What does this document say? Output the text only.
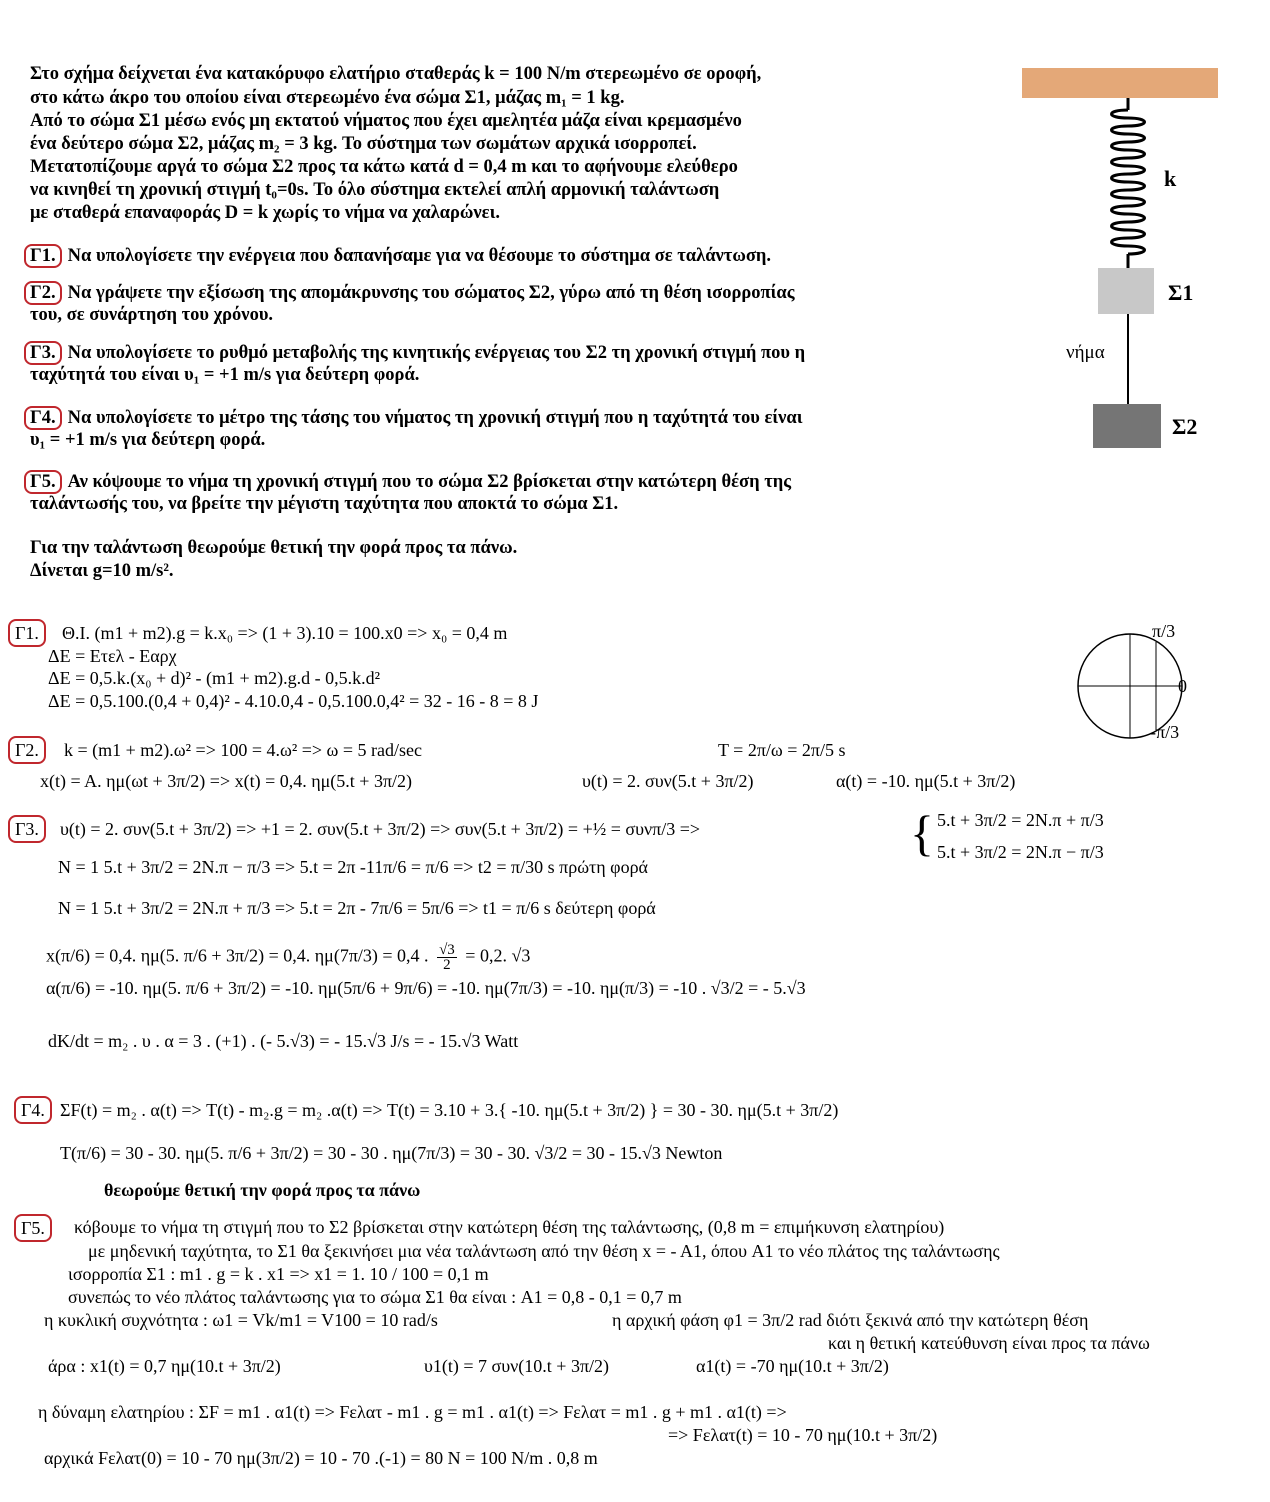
Στο σχήμα δείχνεται ένα κατακόρυφο ελατήριο σταθεράς k = 100 N/m στερεωμένο σε οροφή,
στο κάτω άκρο του οποίου είναι στερεωμένο ένα σώμα Σ1, μάζας m₁ = 1 kg.
Από το σώμα Σ1 μέσω ενός μη εκτατού νήματος που έχει αμελητέα μάζα είναι κρεμασμένο
ένα δεύτερο σώμα Σ2, μάζας m₂ = 3 kg. Το σύστημα των σωμάτων αρχικά ισορροπεί.
Μετατοπίζουμε αργά το σώμα Σ2 προς τα κάτω κατά d = 0,4 m και το αφήνουμε ελεύθερο
να κινηθεί τη χρονική στιγμή t₀=0s. Το όλο σύστημα εκτελεί απλή αρμονική ταλάντωση
με σταθερά επαναφοράς D = k χωρίς το νήμα να χαλαρώνει.
Γ1. Να υπολογίσετε την ενέργεια που δαπανήσαμε για να θέσουμε το σύστημα σε ταλάντωση.
Γ2. Να γράψετε την εξίσωση της απομάκρυνσης του σώματος Σ2, γύρω από τη θέση ισορροπίας
του, σε συνάρτηση του χρόνου.
Γ3. Να υπολογίσετε το ρυθμό μεταβολής της κινητικής ενέργειας του Σ2 τη χρονική στιγμή που η
ταχύτητά του είναι υ₁ = +1 m/s για δεύτερη φορά.
Γ4. Να υπολογίσετε το μέτρο της τάσης του νήματος τη χρονική στιγμή που η ταχύτητά του είναι
υ₁ = +1 m/s για δεύτερη φορά.
Γ5. Αν κόψουμε το νήμα τη χρονική στιγμή που το σώμα Σ2 βρίσκεται στην κατώτερη θέση της
ταλάντωσής του, να βρείτε την μέγιστη ταχύτητα που αποκτά το σώμα Σ1.
Για την ταλάντωση θεωρούμε θετική την φορά προς τα πάνω.
Δίνεται g=10 m/s².
k
Σ1
νήμα
Σ2
π/3
0
-π/3
Γ1.	Θ.Ι. (m1 + m2).g = k.x₀ => (1 + 3).10 = 100.x0 => x₀ = 0,4 m
ΔΕ = Ετελ - Εαρχ
ΔΕ = 0,5.k.(x₀ + d)² - (m1 + m2).g.d - 0,5.k.d²
ΔΕ = 0,5.100.(0,4 + 0,4)² - 4.10.0,4 - 0,5.100.0,4² = 32 - 16 - 8 = 8 J
Γ2.	k = (m1 + m2).ω² => 100 = 4.ω² => ω = 5 rad/sec	T = 2π/ω = 2π/5 s
x(t) = A. ημ(ωt + 3π/2) => x(t) = 0,4. ημ(5.t + 3π/2)	υ(t) = 2. συν(5.t + 3π/2)	α(t) = -10. ημ(5.t + 3π/2)
Γ3.	υ(t) = 2. συν(5.t + 3π/2) => +1 = 2. συν(5.t + 3π/2) => συν(5.t + 3π/2) = +½ = συνπ/3 =>	{ 5.t + 3π/2 = 2N.π + π/3
5.t + 3π/2 = 2N.π − π/3
N = 1 5.t + 3π/2 = 2N.π − π/3 => 5.t = 2π -11π/6 = π/6 => t2 = π/30 s πρώτη φορά
N = 1 5.t + 3π/2 = 2N.π + π/3 => 5.t = 2π - 7π/6 = 5π/6 => t1 = π/6 s δεύτερη φορά
x(π/6) = 0,4. ημ(5. π/6 + 3π/2) = 0,4. ημ(7π/3) = 0,4 . $\frac{√3}{2} = 0,2$. √3
α(π/6) = -10. ημ(5. π/6 + 3π/2) = -10. ημ(5π/6 + 9π/6) = -10. ημ(7π/3) = -10. ημ(π/3) = -10 . √3/2 = - 5.√3
dK/dt = m₂ . υ . α = 3 . (+1) . (- 5.√3) = - 15.√3 J/s = - 15.√3 Watt
Γ4. ΣF(t) = m₂ . α(t) => T(t) - m₂.g = m₂ .α(t) => T(t) = 3.10 + 3.{ -10. ημ(5.t + 3π/2) } = 30 - 30. ημ(5.t + 3π/2)
T(π/6) = 30 - 30. ημ(5. π/6 + 3π/2) = 30 - 30 . ημ(7π/3) = 30 - 30. √3/2 = 30 - 15.√3 Newton
θεωρούμε θετική την φορά προς τα πάνω
Γ5.	κόβουμε το νήμα τη στιγμή που το Σ2 βρίσκεται στην κατώτερη θέση της ταλάντωσης, (0,8 m = επιμήκυνση ελατηρίου)
με μηδενική ταχύτητα, το Σ1 θα ξεκινήσει μια νέα ταλάντωση από την θέση x = - A1, όπου A1 το νέο πλάτος της ταλάντωσης
ισορροπία Σ1 : m1 . g = k . x1 => x1 = 1. 10 / 100 = 0,1 m
συνεπώς το νέο πλάτος ταλάντωσης για το σώμα Σ1 θα είναι : A1 = 0,8 - 0,1 = 0,7 m
η κυκλική συχνότητα : ω1 = Vk/m1 = V100 = 10 rad/s	η αρχική φάση φ1 = 3π/2 rad διότι ξεκινά από την κατώτερη θέση
και η θετική κατεύθυνση είναι προς τα πάνω
άρα : x1(t) = 0,7 ημ(10.t + 3π/2)	υ1(t) = 7 συν(10.t + 3π/2)	α1(t) = -70 ημ(10.t + 3π/2)
η δύναμη ελατηρίου : ΣF = m1 . α1(t) => Fελατ - m1 . g = m1 . α1(t) => Fελατ = m1 . g + m1 . α1(t) =>
=> Fελατ(t) = 10 - 70 ημ(10.t + 3π/2)
αρχικά Fελατ(0) = 10 - 70 ημ(3π/2) = 10 - 70 .(-1) = 80 N = 100 N/m . 0,8 m
